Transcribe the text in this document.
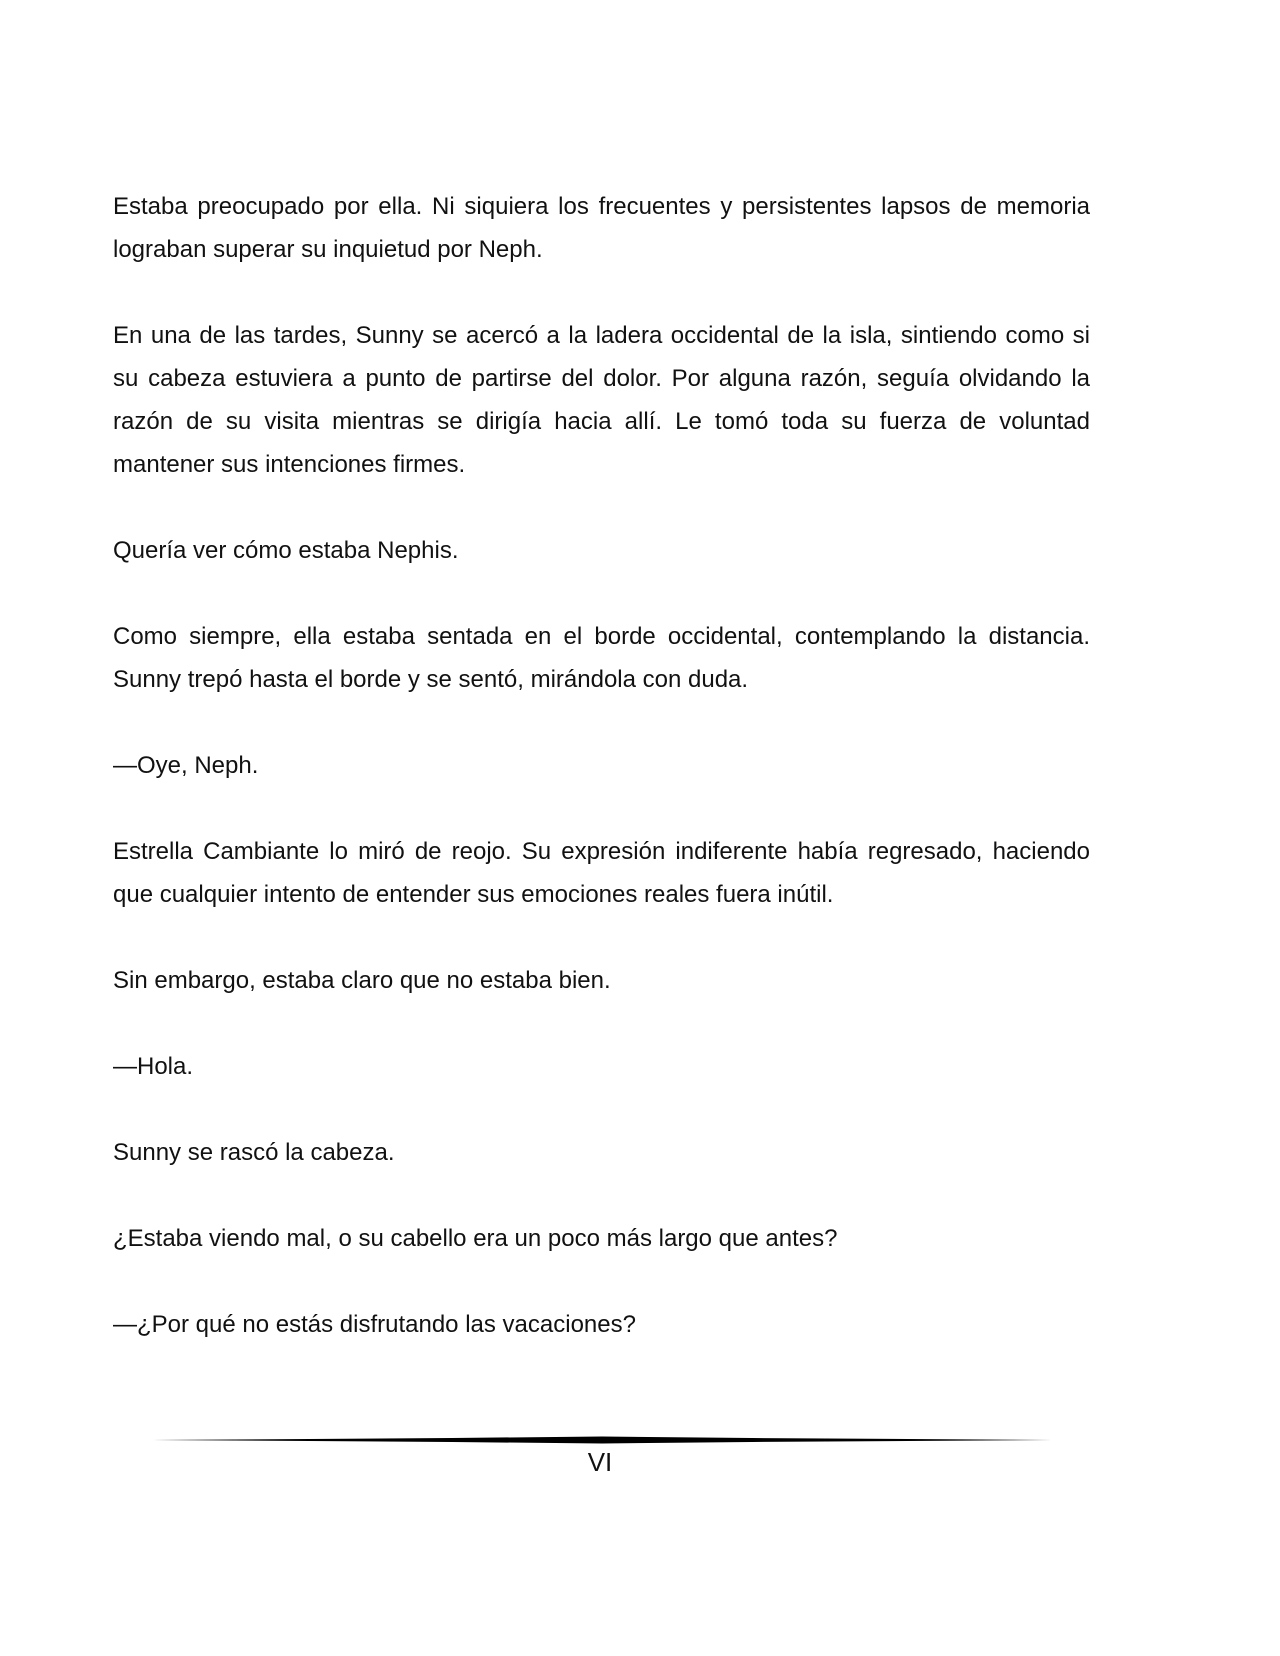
Estaba preocupado por ella. Ni siquiera los frecuentes y persistentes lapsos de memoria lograban superar su inquietud por Neph.

En una de las tardes, Sunny se acercó a la ladera occidental de la isla, sintiendo como si su cabeza estuviera a punto de partirse del dolor. Por alguna razón, seguía olvidando la razón de su visita mientras se dirigía hacia allí. Le tomó toda su fuerza de voluntad mantener sus intenciones firmes.

Quería ver cómo estaba Nephis.

Como siempre, ella estaba sentada en el borde occidental, contemplando la distancia. Sunny trepó hasta el borde y se sentó, mirándola con duda.

—Oye, Neph.

Estrella Cambiante lo miró de reojo. Su expresión indiferente había regresado, haciendo que cualquier intento de entender sus emociones reales fuera inútil.

Sin embargo, estaba claro que no estaba bien.

—Hola.

Sunny se rascó la cabeza.

¿Estaba viendo mal, o su cabello era un poco más largo que antes?

—¿Por qué no estás disfrutando las vacaciones?

VI
